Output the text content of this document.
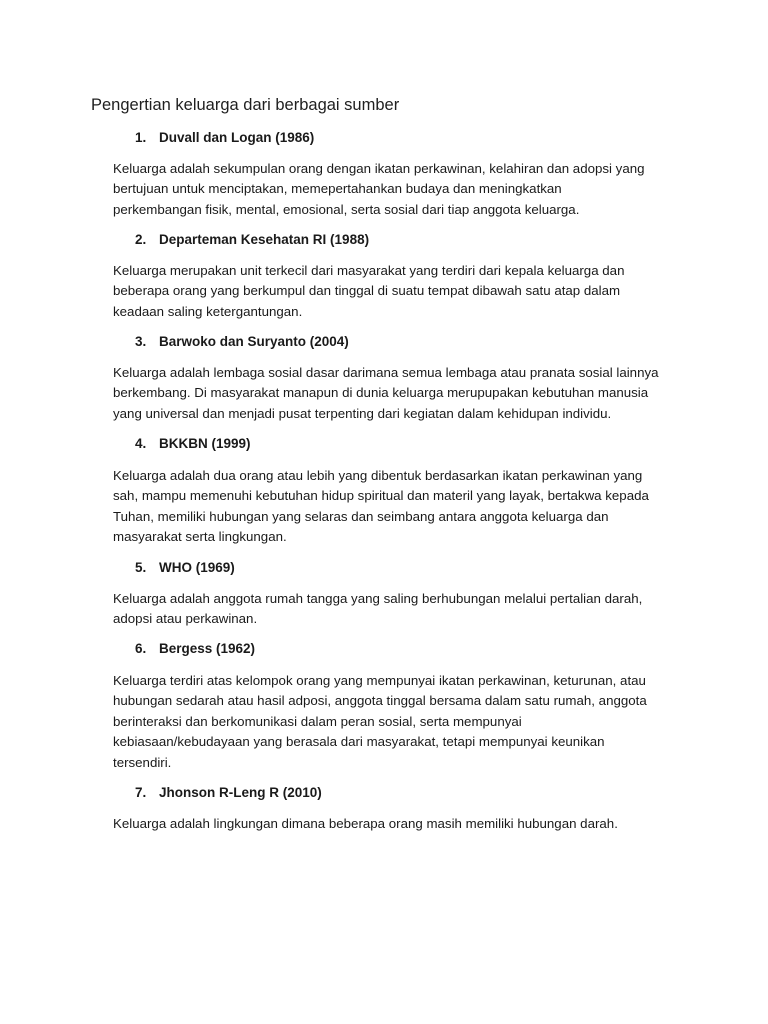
Pengertian keluarga dari berbagai sumber
1. Duvall dan Logan (1986)
Keluarga adalah sekumpulan orang dengan ikatan perkawinan, kelahiran dan adopsi yang
bertujuan untuk menciptakan, memepertahankan budaya dan meningkatkan
perkembangan fisik, mental, emosional, serta sosial dari tiap anggota keluarga.
2. Departeman Kesehatan RI (1988)
Keluarga merupakan unit terkecil dari masyarakat yang terdiri dari kepala keluarga dan
beberapa orang yang berkumpul dan tinggal di suatu tempat dibawah satu atap dalam
keadaan saling ketergantungan.
3. Barwoko dan Suryanto (2004)
Keluarga adalah lembaga sosial dasar darimana semua lembaga atau pranata sosial lainnya
berkembang. Di masyarakat manapun di dunia keluarga merupupakan kebutuhan manusia
yang universal dan menjadi pusat terpenting dari kegiatan dalam kehidupan individu.
4. BKKBN (1999)
Keluarga adalah dua orang atau lebih yang dibentuk berdasarkan ikatan perkawinan yang
sah, mampu memenuhi kebutuhan hidup spiritual dan materil yang layak, bertakwa kepada
Tuhan, memiliki hubungan yang selaras dan seimbang antara anggota keluarga dan
masyarakat serta lingkungan.
5. WHO (1969)
Keluarga adalah anggota rumah tangga yang saling berhubungan melalui pertalian darah,
adopsi atau perkawinan.
6. Bergess (1962)
Keluarga terdiri atas kelompok orang yang mempunyai ikatan perkawinan, keturunan, atau
hubungan sedarah atau hasil adposi, anggota tinggal bersama dalam satu rumah, anggota
berinteraksi dan berkomunikasi dalam peran sosial, serta mempunyai
kebiasaan/kebudayaan yang berasala dari masyarakat, tetapi mempunyai keunikan
tersendiri.
7. Jhonson R-Leng R (2010)
Keluarga adalah lingkungan dimana beberapa orang masih memiliki hubungan darah.
